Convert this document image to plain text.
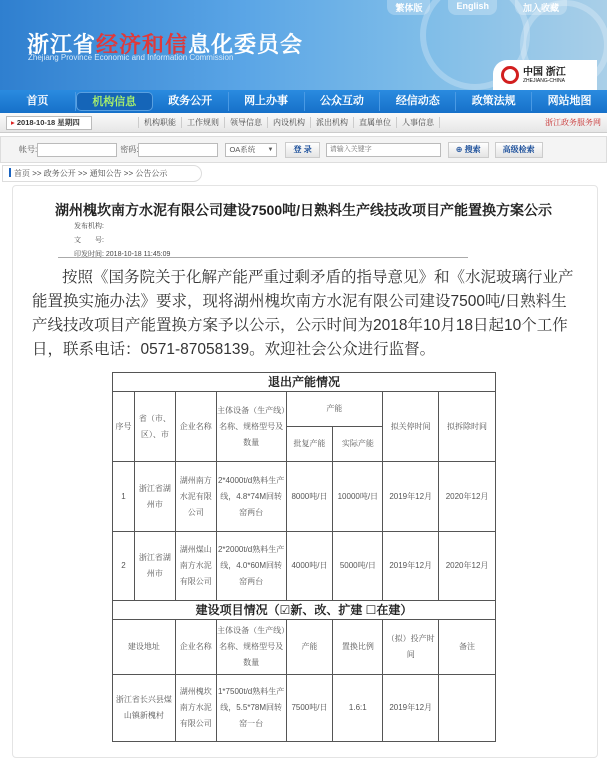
繁体版	English	加入收藏
浙江省经济和信息化委员会
Zhejiang Province Economic and Information Commission
中国 浙江
ZHEJIANG-CHINA
首页	机构信息	政务公开	网上办事	公众互动	经信动态	政策法规	网站地图
▸ 2018-10-18 星期四	机构职能	工作规则	领导信息	内设机构	派出机构	直属单位	人事信息	浙江政务服务网
帐号:	密码:	OA系统 ▼	登 录
请输入关键字	⊕ 搜索	高级检索
首页 >> 政务公开 >> 通知公告 >> 公告公示
湖州槐坎南方水泥有限公司建设7500吨/日熟料生产线技改项目产能置换方案公示
发布机构:
文　　号:
印发时间: 2018-10-18 11:45:09
按照《国务院关于化解产能严重过剩矛盾的指导意见》和《水泥玻璃行业产能置换实施办法》要求，现将湖州槐坎南方水泥有限公司建设7500吨/日熟料生产线技改项目产能置换方案予以公示，公示时间为2018年10月18日起10个工作日，联系电话：0571-87058139。欢迎社会公众进行监督。
退出产能情况							
序号	省（市、区）、市	企业名称	主体设备（生产线）名称、规格型号及数量	产能		拟关停时间	拟拆除时间
				批复产能	实际产能		
1	浙江省湖州市	湖州南方水泥有限公司	2*4000t/d熟料生产线，4.8*74M回转窑两台	8000吨/日	10000吨/日	2019年12月	2020年12月
2	浙江省湖州市	湖州煤山南方水泥有限公司	2*2000t/d熟料生产线，4.0*60M回转窑两台	4000吨/日	5000吨/日	2019年12月	2020年12月
建设项目情况（☑新、改、扩建 ☐在建）							
建设地址		企业名称	主体设备（生产线）名称、规格型号及数量	产能	置换比例	（拟）投产时间	备注
浙江省长兴县煤山镇新槐村		湖州槐坎南方水泥有限公司	1*7500t/d熟料生产线，5.5*78M回转窑一台	7500吨/日	1.6:1	2019年12月	
